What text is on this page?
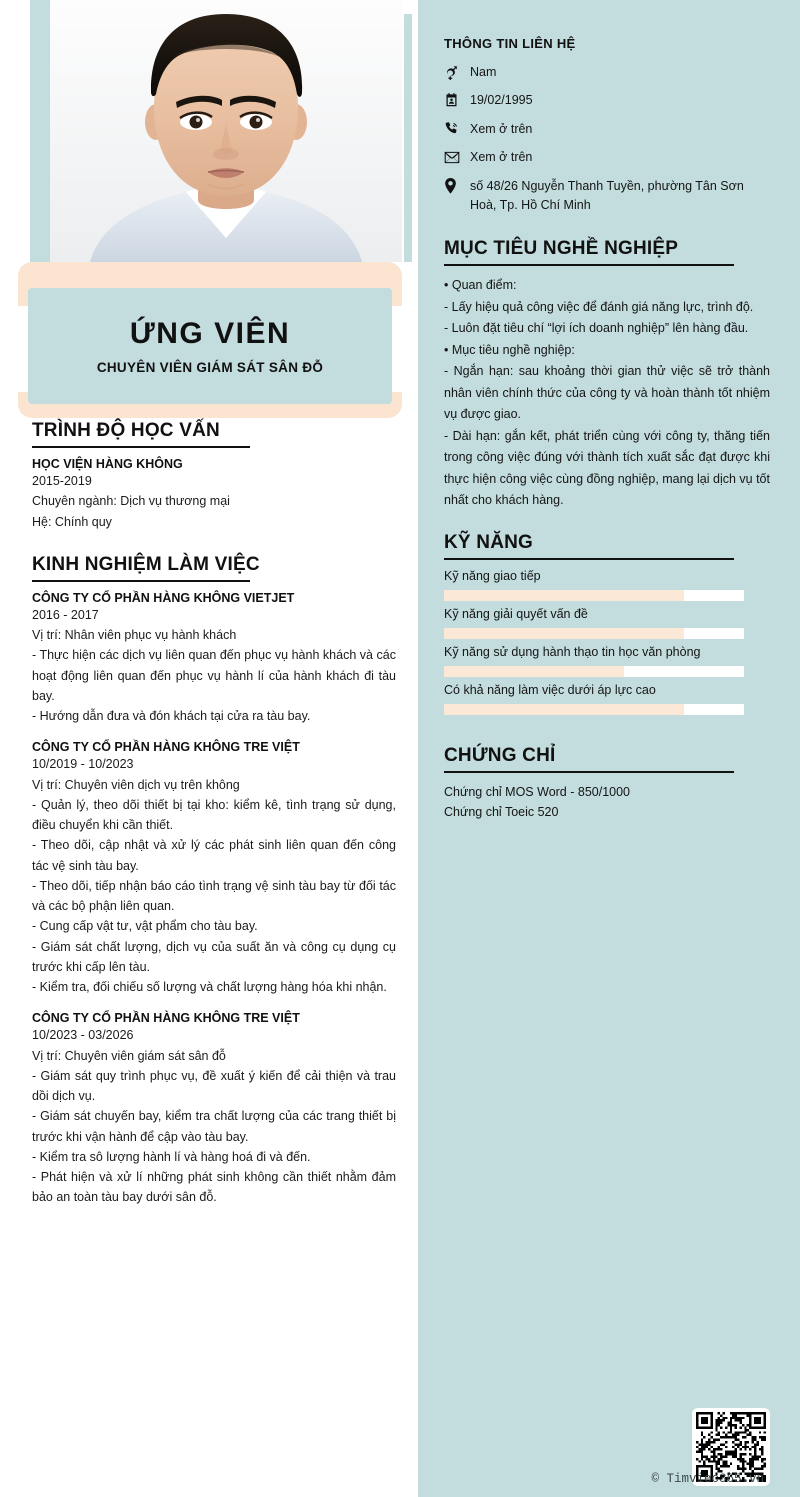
ỨNG VIÊN
CHUYÊN VIÊN GIÁM SÁT SÂN ĐỖ
TRÌNH ĐỘ HỌC VẤN
HỌC VIỆN HÀNG KHÔNG
2015-2019
Chuyên ngành: Dịch vụ thương mại
Hệ: Chính quy
KINH NGHIỆM LÀM VIỆC
CÔNG TY CỔ PHẦN HÀNG KHÔNG VIETJET
2016 - 2017
Vị trí: Nhân viên phục vụ hành khách

- Thực hiện các dịch vụ liên quan đến phục vụ hành khách và các hoạt động liên quan đến phục vụ hành lí của hành khách đi tàu bay.

- Hướng dẫn đưa và đón khách tại cửa ra tàu bay.

CÔNG TY CỔ PHẦN HÀNG KHÔNG TRE VIỆT
10/2019 - 10/2023
Vị trí: Chuyên viên dịch vụ trên không

- Quản lý, theo dõi thiết bị tại kho: kiểm kê, tình trạng sử dụng, điều chuyển khi cần thiết.

- Theo dõi, cập nhật và xử lý các phát sinh liên quan đến công tác vệ sinh tàu bay.

- Theo dõi, tiếp nhận báo cáo tình trạng vệ sinh tàu bay từ đối tác và các bộ phận liên quan.

- Cung cấp vật tư, vật phẩm cho tàu bay.

- Giám sát chất lượng, dịch vụ của suất ăn và công cụ dụng cụ trước khi cấp lên tàu.

- Kiểm tra, đối chiếu số lượng và chất lượng hàng hóa khi nhận.

CÔNG TY CỔ PHẦN HÀNG KHÔNG TRE VIỆT
10/2023 - 03/2026
Vị trí: Chuyên viên giám sát sân đỗ

- Giám sát quy trình phục vụ, đề xuất ý kiến để cải thiện và trau dồi dịch vụ.

- Giám sát chuyến bay, kiểm tra chất lượng của các trang thiết bị trước khi vận hành để cập vào tàu bay.

- Kiểm tra sô lượng hành lí và hàng hoá đi và đến.

- Phát hiện và xử lí những phát sinh không cần thiết nhằm đảm bảo an toàn tàu bay dưới sân đỗ.

THÔNG TIN LIÊN HỆ
Nam
19/02/1995
Xem ở trên
Xem ở trên
số 48/26 Nguyễn Thanh Tuyền, phường Tân Sơn Hoà, Tp. Hồ Chí Minh
MỤC TIÊU NGHỀ NGHIỆP

• Quan điểm:

- Lấy hiệu quả công việc để đánh giá năng lực, trình độ.

- Luôn đặt tiêu chí “lợi ích doanh nghiệp” lên hàng đầu.

• Mục tiêu nghề nghiệp:

- Ngắn hạn: sau khoảng thời gian thử việc sẽ trở thành nhân viên chính thức của công ty và hoàn thành tốt nhiệm vụ được giao.

- Dài hạn: gắn kết, phát triển cùng với công ty, thăng tiến trong công việc đúng với thành tích xuất sắc đạt được khi thực hiện công việc cùng đồng nghiệp, mang lại dịch vụ tốt nhất cho khách hàng.

KỸ NĂNG
Kỹ năng giao tiếp
Kỹ năng giải quyết vấn đề
Kỹ năng sử dụng hành thạo tin học văn phòng
Có khả năng làm việc dưới áp lực cao
CHỨNG CHỈ
Chứng chỉ MOS Word - 850/1000
Chứng chỉ Toeic 520
© Timviec365.vn
